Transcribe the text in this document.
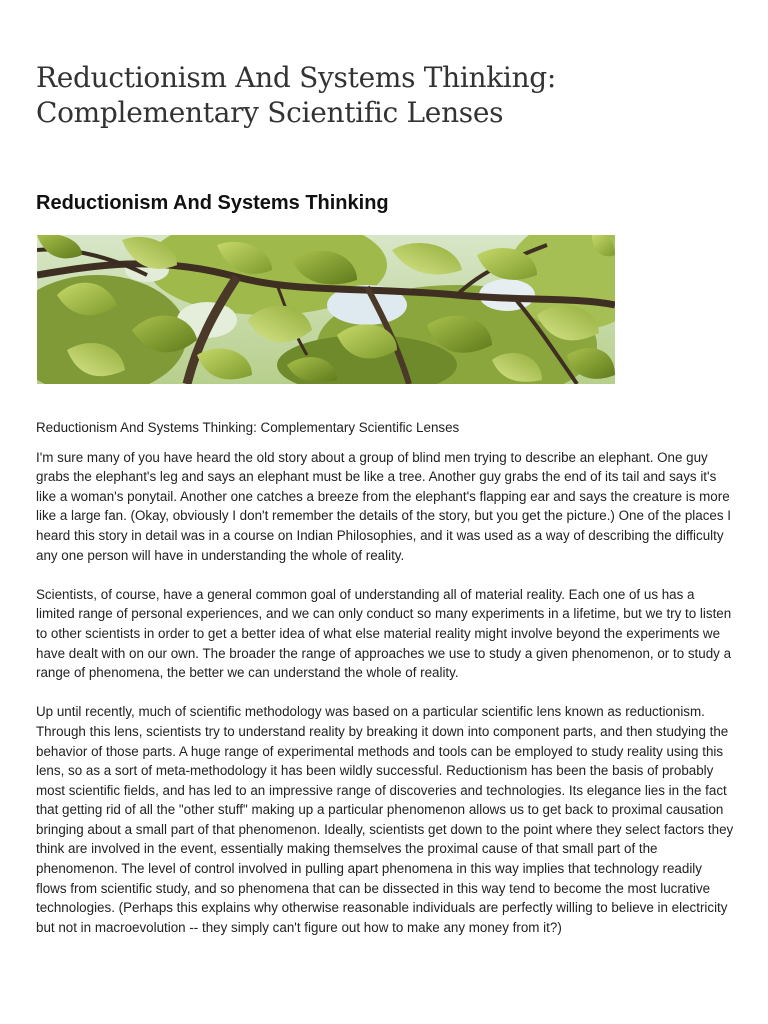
Reductionism And Systems Thinking: Complementary Scientific Lenses
Reductionism And Systems Thinking

Reductionism And Systems Thinking: Complementary Scientific Lenses

I'm sure many of you have heard the old story about a group of blind men trying to describe an elephant. One guy grabs the elephant's leg and says an elephant must be like a tree. Another guy grabs the end of its tail and says it's like a woman's ponytail. Another one catches a breeze from the elephant's flapping ear and says the creature is more like a large fan. (Okay, obviously I don't remember the details of the story, but you get the picture.) One of the places I heard this story in detail was in a course on Indian Philosophies, and it was used as a way of describing the difficulty any one person will have in understanding the whole of reality.

Scientists, of course, have a general common goal of understanding all of material reality. Each one of us has a limited range of personal experiences, and we can only conduct so many experiments in a lifetime, but we try to listen to other scientists in order to get a better idea of what else material reality might involve beyond the experiments we have dealt with on our own. The broader the range of approaches we use to study a given phenomenon, or to study a range of phenomena, the better we can understand the whole of reality.

Up until recently, much of scientific methodology was based on a particular scientific lens known as reductionism. Through this lens, scientists try to understand reality by breaking it down into component parts, and then studying the behavior of those parts. A huge range of experimental methods and tools can be employed to study reality using this lens, so as a sort of meta-methodology it has been wildly successful. Reductionism has been the basis of probably most scientific fields, and has led to an impressive range of discoveries and technologies. Its elegance lies in the fact that getting rid of all the "other stuff" making up a particular phenomenon allows us to get back to proximal causation bringing about a small part of that phenomenon. Ideally, scientists get down to the point where they select factors they think are involved in the event, essentially making themselves the proximal cause of that small part of the phenomenon. The level of control involved in pulling apart phenomena in this way implies that technology readily flows from scientific study, and so phenomena that can be dissected in this way tend to become the most lucrative technologies. (Perhaps this explains why otherwise reasonable individuals are perfectly willing to believe in electricity but not in macroevolution -- they simply can't figure out how to make any money from it?)
